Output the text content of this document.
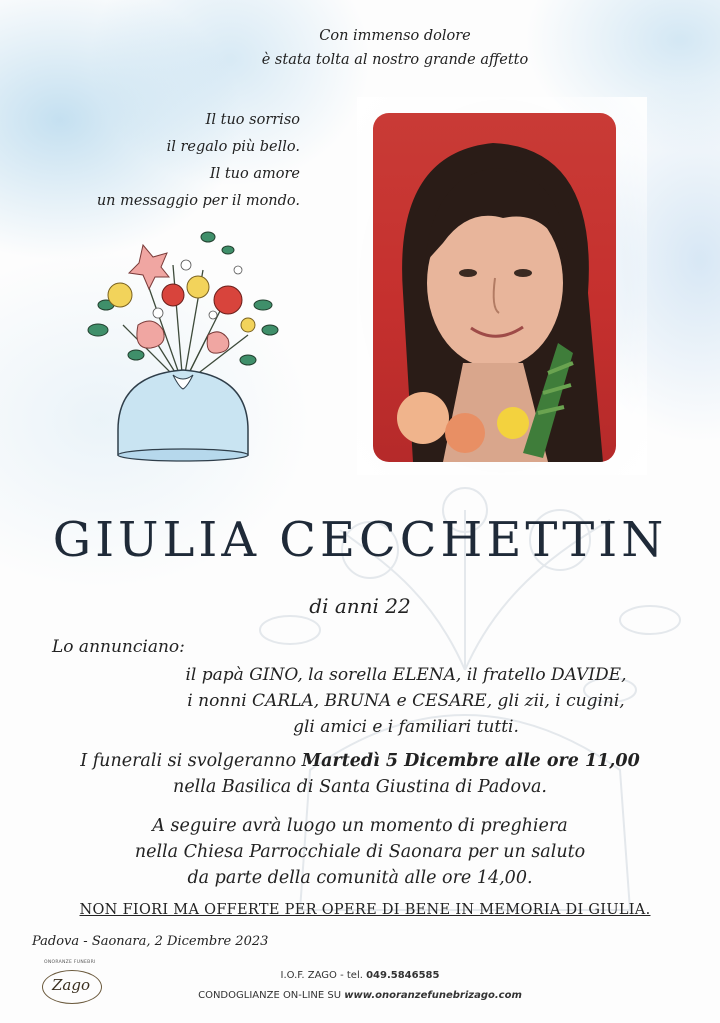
Con immenso dolore
è stata tolta al nostro grande affetto
Il tuo sorriso
il regalo più bello.
Il tuo amore
un messaggio per il mondo.
GIULIA CECCHETTIN
di anni 22
Lo annunciano:
il papà GINO, la sorella ELENA, il fratello DAVIDE,
i nonni CARLA, BRUNA e CESARE, gli zii, i cugini,
gli amici e i familiari tutti.
I funerali si svolgeranno Martedì 5 Dicembre alle ore 11,00
nella Basilica di Santa Giustina di Padova.
A seguire avrà luogo un momento di preghiera
nella Chiesa Parrocchiale di Saonara per un saluto
da parte della comunità alle ore 14,00.
NON FIORI MA OFFERTE PER OPERE DI BENE IN MEMORIA DI GIULIA.
Padova - Saonara, 2 Dicembre 2023
ONORANZE FUNEBRI
Zago
I.O.F. ZAGO - tel. 049.5846585
CONDOGLIANZE ON-LINE SU www.onoranzefunebrizago.com
